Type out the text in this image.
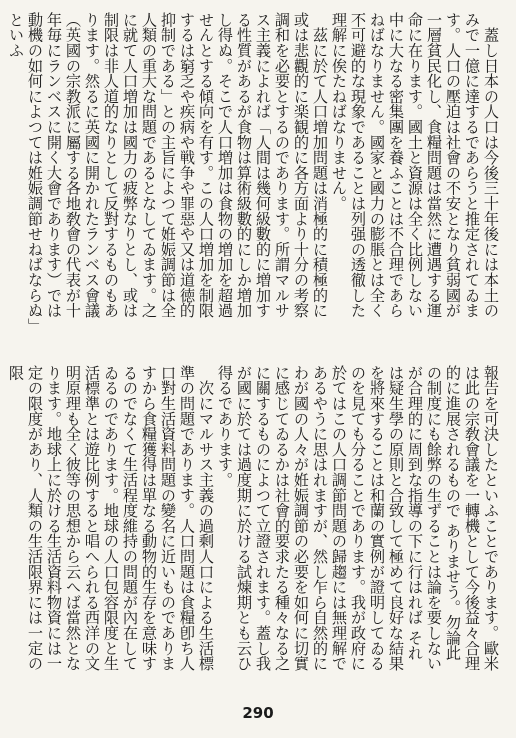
　蓋し日本の人口は今後三十年後には本土のみで一億に達するであらうと推定されてゐます。人口の壓迫は社會の不安となり貧弱國が一層貧民化し、食糧問題は當然に遭遇する運命に在ります。國土と資源は全く比例しない中に大なる密集團を養ふことは不合理であらねばなりません。國家と國力の膨脹とは全く不可避的な現象であることは列强の透徹した理解に俟たねばなりません。
　茲に於て人口増加問題は消極的に積極的に或は悲觀的に楽観的に各方面より十分の考察調和を必要とするのであります。所謂マルサス主義によれば「人間は幾何級數的に増加する性質があるが食物は算術級數的にしか増加し得ぬ。そこで人口増加は食物の増加を超過せんとする傾向を有す。この人口増加を制限するは窮乏や疾病や戦争や罪惡や又は道徳的抑制である」との主旨によつて姙娠調節は全人類の重大な問題であるとなしてゐます。之に就て人口増加は國力の疲弊なりとし、或は制限は非人道的なりとして反對するものもあります。然るに英國に開かれたランベス會議（英國の宗教派に屬する各地敎會の代表が十年毎にランベスに開く大會であります）では動機の如何によつては姙娠調節せねばならぬ」といふ
報告を可決したといふことであります。歐米は此の宗敎會議を一轉機として今後益々合理的に進展されるもので ありませう。勿論此の制度にも餘弊の生ずることは論を要しないが合理的に周到な指導の下に行はれば それは疑生學の原則と合致して極めて良好な結果を將來することは和蘭の實例が證明してゐるのを見ても分ることであります。我が政府に於てはこの人口調節問題の歸趨には無理解であるやうに思はれますが、然し乍ら自然的にわが國の人々が姙娠調節の必要を如何に切實に感じてゐるかは社會的要求たる種々なる之に關するものによつて立證されます。蓋し我が國に於ては過度期に於ける試煉期とも云ひ得るであります。
　次にマルサス主義の過剩人口による生活標準の問題であります。人口問題は食糧卽ち人口對生活資料問題の變名に近いものでありますから食糧獲得は單なる動物的生存を意味するのでなくて生活程度維持の問題が內在してゐるのであります。地球の人口包容限度と生活標準とは遊比例すると唱へられる西洋の文明原理も全く彼等の思想から云へば當然となります。地球上に於ける生活資料物資には一定の限度があり、人類の生活限界には一定の限
290
